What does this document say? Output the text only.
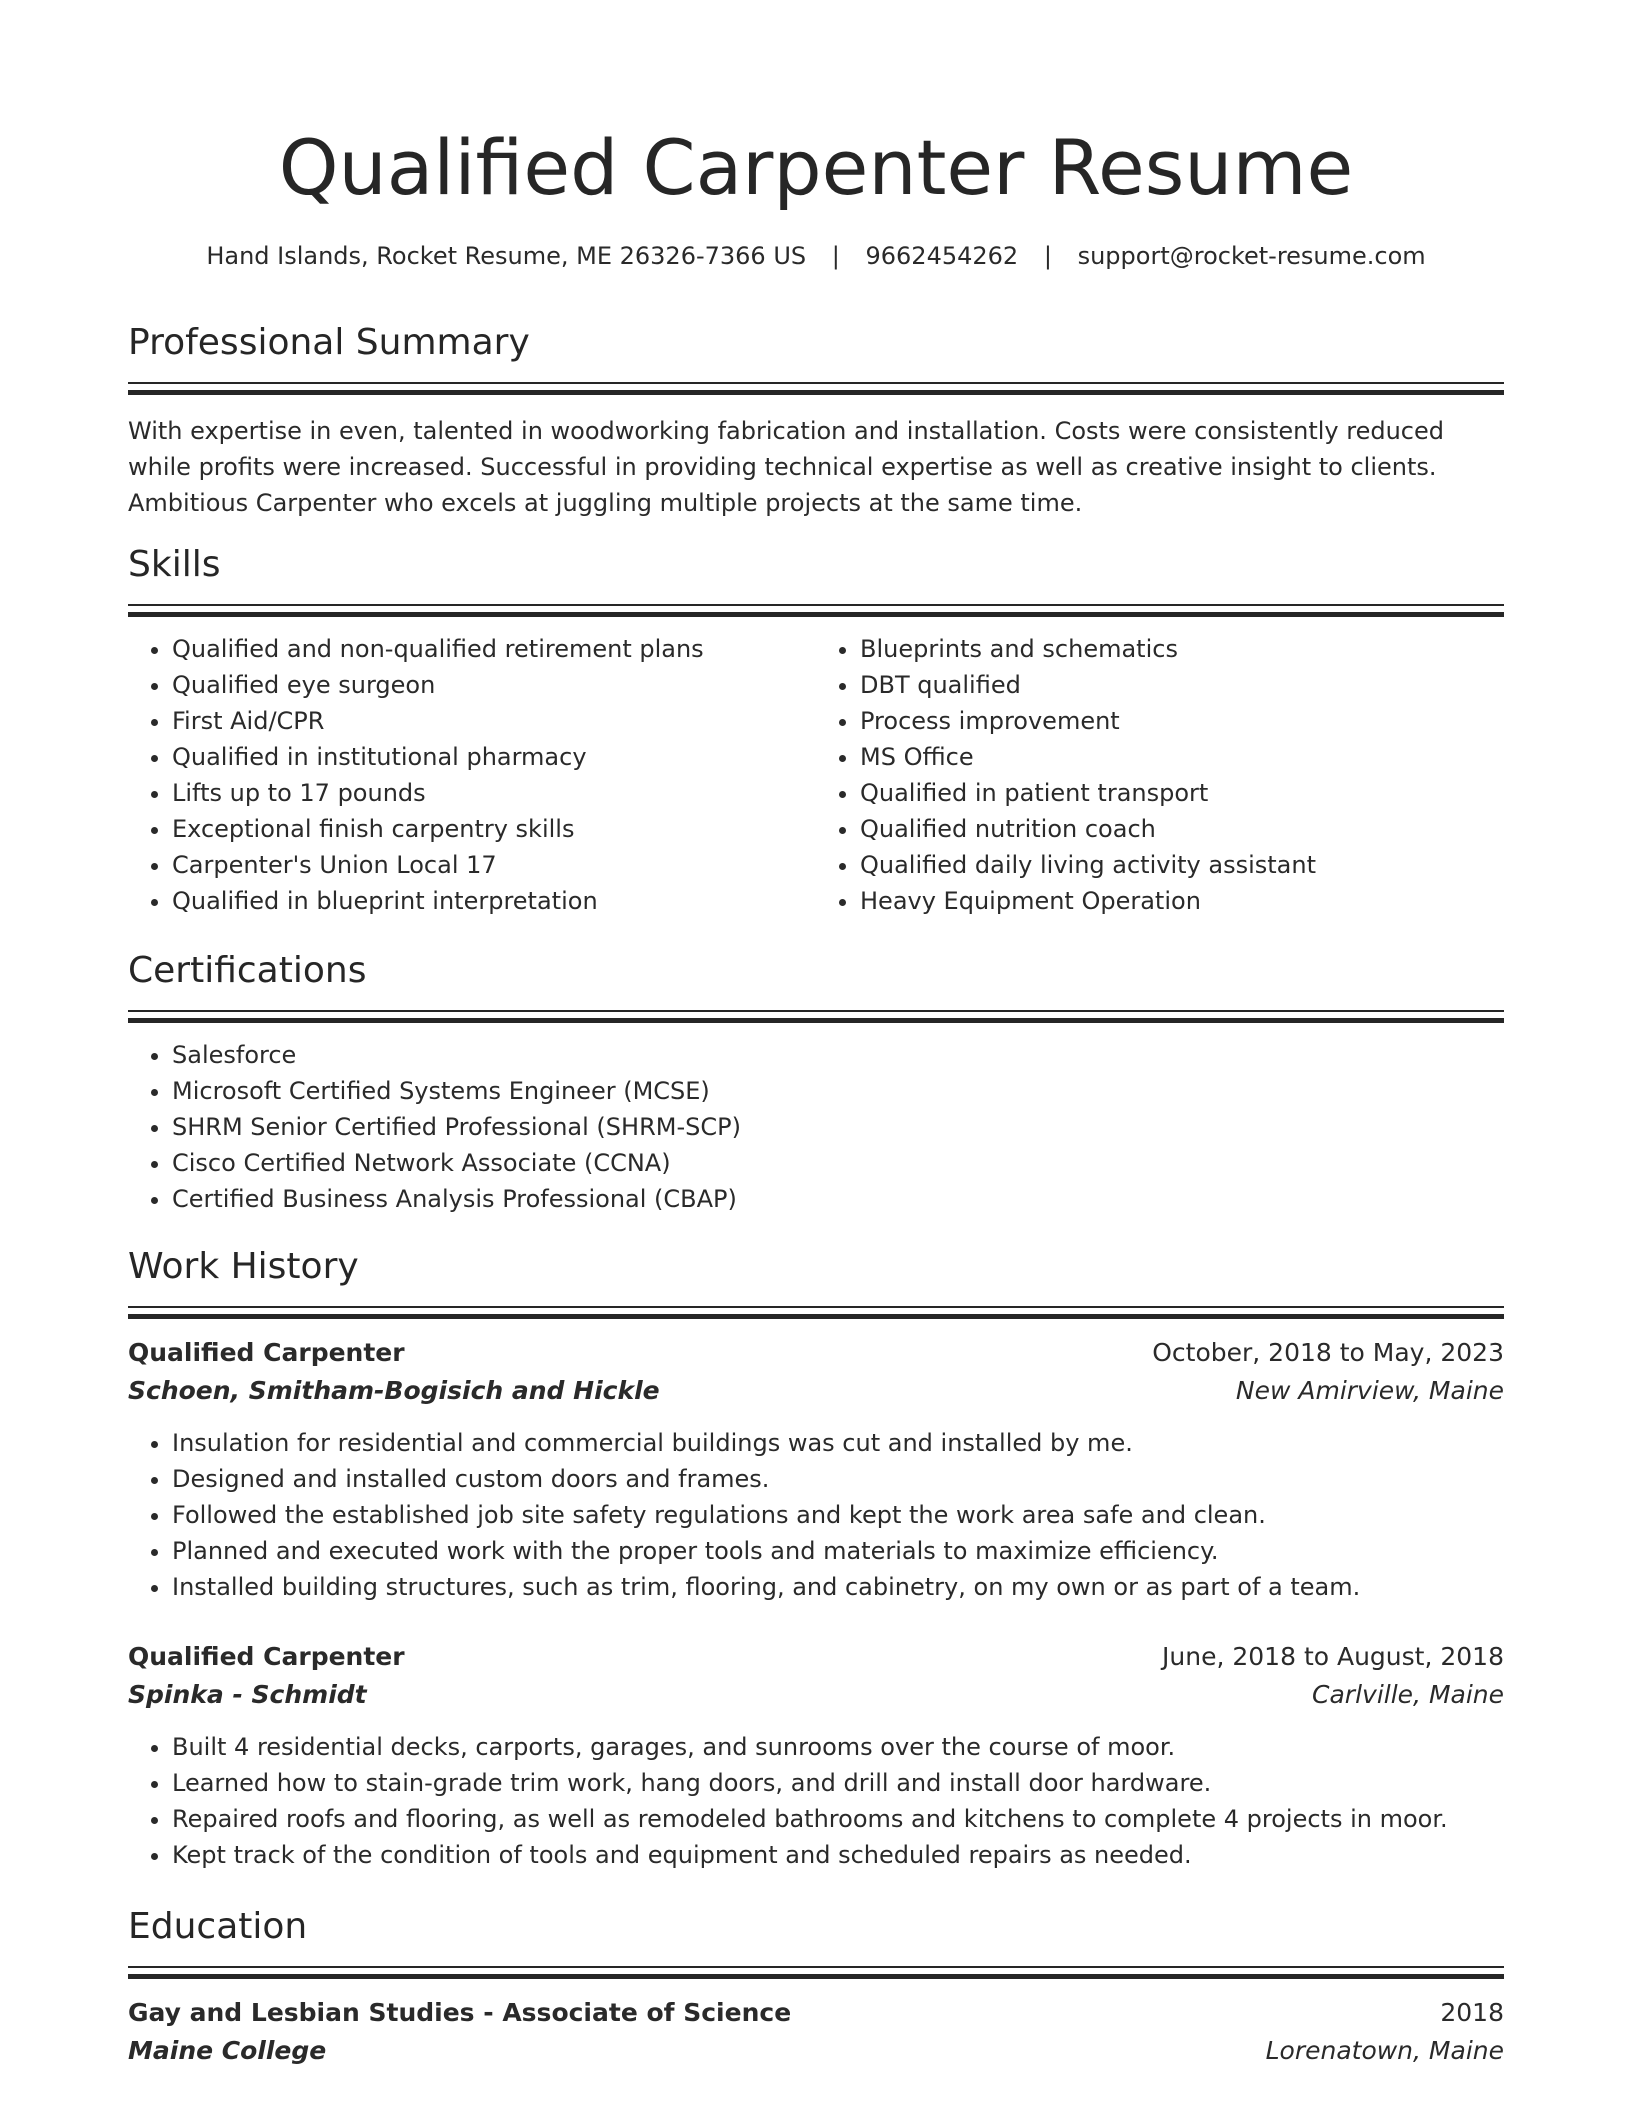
Qualified Carpenter Resume
Hand Islands, Rocket Resume, ME 26326-7366 US | 9662454262 | support@rocket-resume.com
Professional Summary

With expertise in even, talented in woodworking fabrication and installation. Costs were consistently reduced while profits were increased. Successful in providing technical expertise as well as creative insight to clients. Ambitious Carpenter who excels at juggling multiple projects at the same time.

Skills
• Qualified and non-qualified retirement plans
• Qualified eye surgeon
• First Aid/CPR
• Qualified in institutional pharmacy
• Lifts up to 17 pounds
• Exceptional finish carpentry skills
• Carpenter's Union Local 17
• Qualified in blueprint interpretation
• Blueprints and schematics
• DBT qualified
• Process improvement
• MS Office
• Qualified in patient transport
• Qualified nutrition coach
• Qualified daily living activity assistant
• Heavy Equipment Operation
Certifications
• Salesforce
• Microsoft Certified Systems Engineer (MCSE)
• SHRM Senior Certified Professional (SHRM-SCP)
• Cisco Certified Network Associate (CCNA)
• Certified Business Analysis Professional (CBAP)
Work History
Qualified Carpenter	October, 2018 to May, 2023
Schoen, Smitham-Bogisich and Hickle	New Amirview, Maine
• Insulation for residential and commercial buildings was cut and installed by me.
• Designed and installed custom doors and frames.
• Followed the established job site safety regulations and kept the work area safe and clean.
• Planned and executed work with the proper tools and materials to maximize efficiency.
• Installed building structures, such as trim, flooring, and cabinetry, on my own or as part of a team.
Qualified Carpenter	June, 2018 to August, 2018
Spinka - Schmidt	Carlville, Maine
• Built 4 residential decks, carports, garages, and sunrooms over the course of moor.
• Learned how to stain-grade trim work, hang doors, and drill and install door hardware.
• Repaired roofs and flooring, as well as remodeled bathrooms and kitchens to complete 4 projects in moor.
• Kept track of the condition of tools and equipment and scheduled repairs as needed.
Education
Gay and Lesbian Studies - Associate of Science	2018
Maine College	Lorenatown, Maine
